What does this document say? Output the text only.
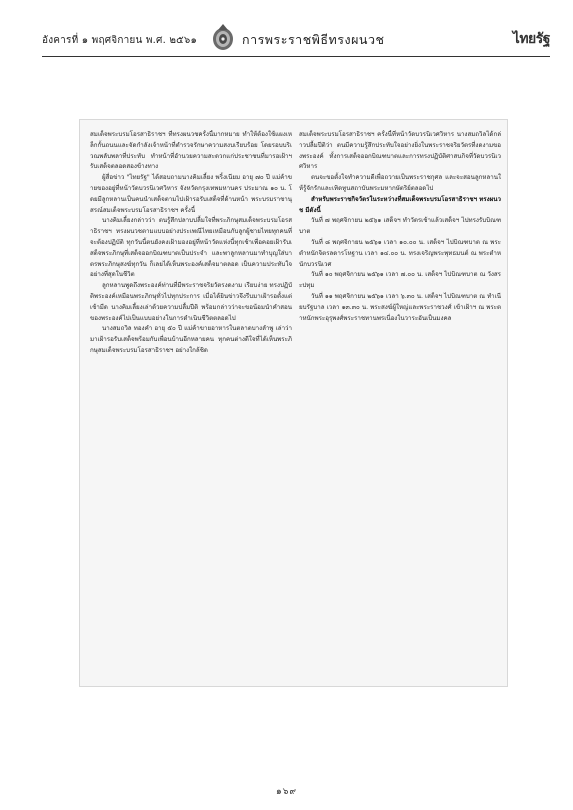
อังคารที่ ๑ พฤศจิกายน พ.ศ. ๒๕๖๑	การพระราชพิธีทรงผนวช	ไทยรัฐ

สมเด็จพระบรมโอรสาธิราชฯ ที่ทรงผนวชครั้งนี้มากหมาย ทำให้ต้องใช้แผงเหล็กกั้นถนนและจัดกำลังเจ้าหน้าที่ตำรวจรักษาความสงบเรียบร้อย โดยรอบบริเวณพลับพลาที่ประทับ ทำหน้าที่อำนวยความสะดวกแก่ประชาชนที่มารอเฝ้าฯ รับเสด็จตลอดสองข้างทาง

ผู้สื่อข่าว "ไทยรัฐ" ได้สอบถามนางคิมเลี้ยง พริ้งเนียม อายุ ๗๐ ปี แม่ค้าขายของอยู่ที่หน้าวัดบวรนิเวศวิหาร จังหวัดกรุงเทพมหานคร ประมาณ ๑๐ น. โดยมีลูกหลานเป็นคนนำเสด็จตามไปเฝ้ารอรับเสด็จที่ด้านหน้า พระบรมราชานุสรณ์สมเด็จพระบรมโอรสาธิราชฯ ครั้งนี้

นางคิมเลี้ยงกล่าวว่า ตนรู้สึกปลาบปลื้มใจที่พระภิกษุสมเด็จพระบรมโอรสาธิราชฯ ทรงผนวชตามแบบอย่างประเพณีไทยเหมือนกับลูกผู้ชายไทยทุกคนที่จะต้องปฏิบัติ ทุกวันนี้ตนยังคงเฝ้ามองอยู่ที่หน้าวัดแห่งนี้ทุกเช้าเพื่อคอยเฝ้ารับเสด็จพระภิกษุที่เสด็จออกบิณฑบาตเป็นประจำ และพาลูกหลานมาทำบุญใส่บาตรพระภิกษุสงฆ์ทุกวัน ก็เลยได้เห็นพระองค์เสด็จมาตลอด เป็นความประทับใจอย่างที่สุดในชีวิต

ลูกหลานพูดถึงพระองค์ท่านที่มีพระราชจริยวัตรงดงาม เรียบง่าย ทรงปฏิบัติพระองค์เหมือนพระภิกษุทั่วไปทุกประการ เมื่อได้ยินข่าวจึงรีบมาเฝ้ารอตั้งแต่เช้ามืด นางคิมเลี้ยงเล่าด้วยความปลื้มปีติ พร้อมกล่าวว่าจะขอน้อมนำคำสอนของพระองค์ไปเป็นแบบอย่างในการดำเนินชีวิตตลอดไป

นางสมถวิล ทองคำ อายุ ๕๐ ปี แม่ค้าขายอาหารในตลาดบางลำพู เล่าว่ามาเฝ้ารอรับเสด็จพร้อมกับเพื่อนบ้านอีกหลายคน ทุกคนต่างดีใจที่ได้เห็นพระภิกษุสมเด็จพระบรมโอรสาธิราชฯ อย่างใกล้ชิด

สมเด็จพระบรมโอรสาธิราชฯ ครั้งนี้ที่หน้าวัดบวรนิเวศวิหาร นางสมถวิลได้กล่าวปลื้มปีติว่า ตนมีความรู้สึกประทับใจอย่างยิ่งในพระราชจริยวัตรที่งดงามของพระองค์ ทั้งการเสด็จออกบิณฑบาตและการทรงปฏิบัติศาสนกิจที่วัดบวรนิเวศวิหาร

ตนจะขอตั้งใจทำความดีเพื่อถวายเป็นพระราชกุศล และจะสอนลูกหลานให้รู้จักรักและเทิดทูนสถาบันพระมหากษัตริย์ตลอดไป

สำหรับพระราชกิจวัตรในระหว่างที่สมเด็จพระบรมโอรสาธิราชฯ ทรงผนวช มีดังนี้

วันที่ ๗ พฤศจิกายน ๒๕๖๑ เสด็จฯ ทำวัตรเช้าแล้วเสด็จฯ ไปทรงรับบิณฑบาต

วันที่ ๘ พฤศจิกายน ๒๕๖๑ เวลา ๑๐.๐๐ น. เสด็จฯ ไปบิณฑบาต ณ พระตำหนักจิตรลดารโหฐาน เวลา ๑๔.๐๐ น. ทรงเจริญพระพุทธมนต์ ณ พระตำหนักบวรนิเวศ

วันที่ ๑๐ พฤศจิกายน ๒๕๖๑ เวลา ๗.๐๐ น. เสด็จฯ ไปบิณฑบาต ณ วังสระปทุม

วันที่ ๑๑ พฤศจิกายน ๒๕๖๑ เวลา ๖.๓๐ น. เสด็จฯ ไปบิณฑบาต ณ ทำเนียบรัฐบาล เวลา ๑๓.๓๐ น. พระสงฆ์ผู้ใหญ่และพระราชวงศ์ เข้าเฝ้าฯ ณ พระตำหนักพระอุรุพงศ์พระราชทานพรเนื่องในวาระอันเป็นมงคล

๑๖๙
